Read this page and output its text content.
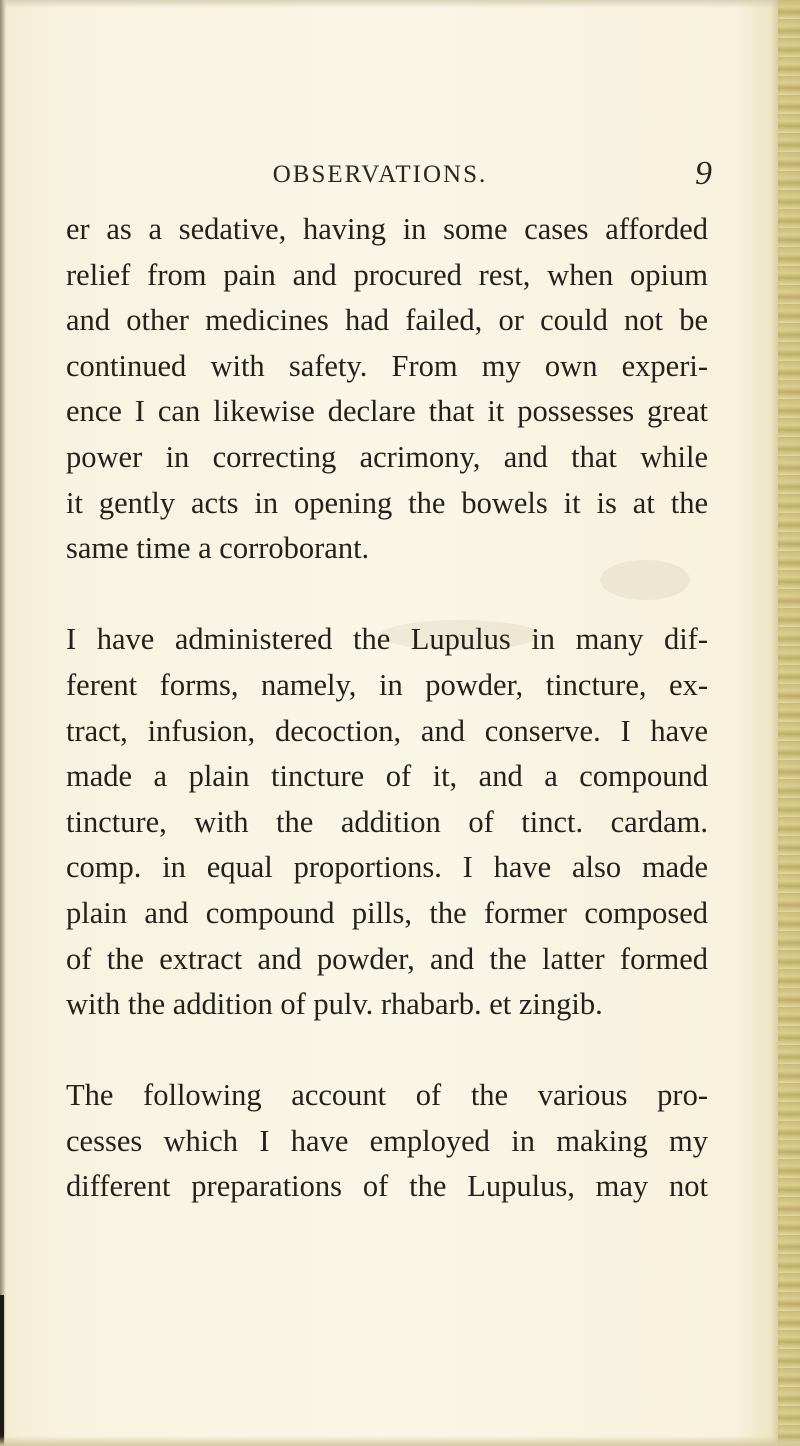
OBSERVATIONS.	9
er as a sedative, having in some cases afforded
relief from pain and procured rest, when opium
and other medicines had failed, or could not be
continued with safety. From my own experi-
ence I can likewise declare that it possesses great
power in correcting acrimony, and that while
it gently acts in opening the bowels it is at the
same time a corroborant.
I have administered the Lupulus in many dif-
ferent forms, namely, in powder, tincture, ex-
tract, infusion, decoction, and conserve. I have
made a plain tincture of it, and a compound
tincture, with the addition of tinct. cardam.
comp. in equal proportions. I have also made
plain and compound pills, the former composed
of the extract and powder, and the latter formed
with the addition of pulv. rhabarb. et zingib.
The following account of the various pro-
cesses which I have employed in making my
different preparations of the Lupulus, may not
